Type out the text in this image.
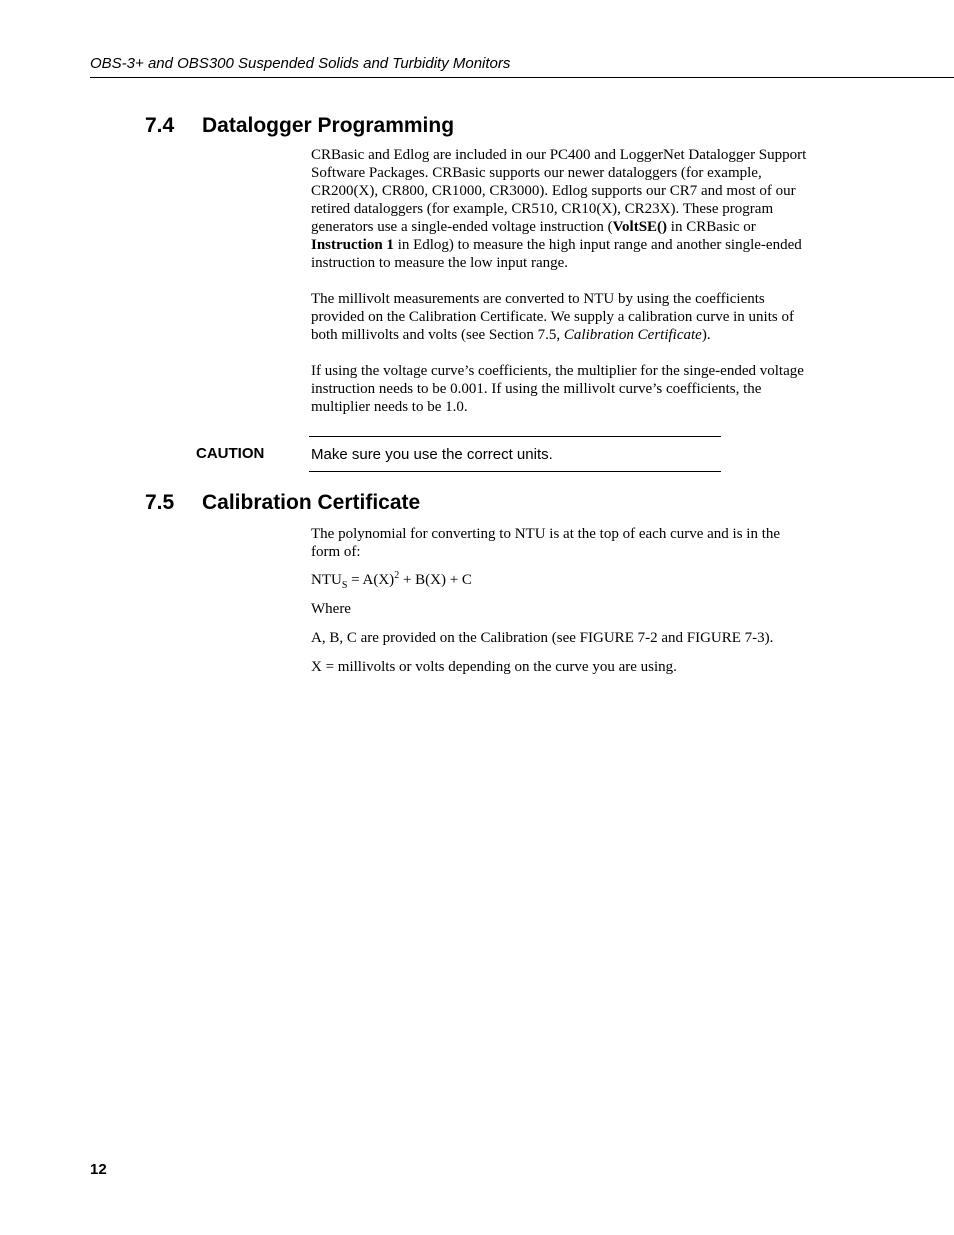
OBS-3+ and OBS300 Suspended Solids and Turbidity Monitors
7.4 Datalogger Programming

CRBasic and Edlog are included in our PC400 and LoggerNet Datalogger Support Software Packages. CRBasic supports our newer dataloggers (for example, CR200(X), CR800, CR1000, CR3000). Edlog supports our CR7 and most of our retired dataloggers (for example, CR510, CR10(X), CR23X). These program generators use a single-ended voltage instruction (VoltSE() in CRBasic or Instruction 1 in Edlog) to measure the high input range and another single-ended instruction to measure the low input range.

The millivolt measurements are converted to NTU by using the coefficients provided on the Calibration Certificate. We supply a calibration curve in units of both millivolts and volts (see Section 7.5, Calibration Certificate).

If using the voltage curve’s coefficients, the multiplier for the singe-ended voltage instruction needs to be 0.001. If using the millivolt curve’s coefficients, the multiplier needs to be 1.0.

CAUTION	Make sure you use the correct units.
7.5 Calibration Certificate

The polynomial for converting to NTU is at the top of each curve and is in the form of:

$NTU_S = A(X)^2 + B(X) + C$

Where

A, B, C are provided on the Calibration (see FIGURE 7-2 and FIGURE 7-3).

X = millivolts or volts depending on the curve you are using.

12
